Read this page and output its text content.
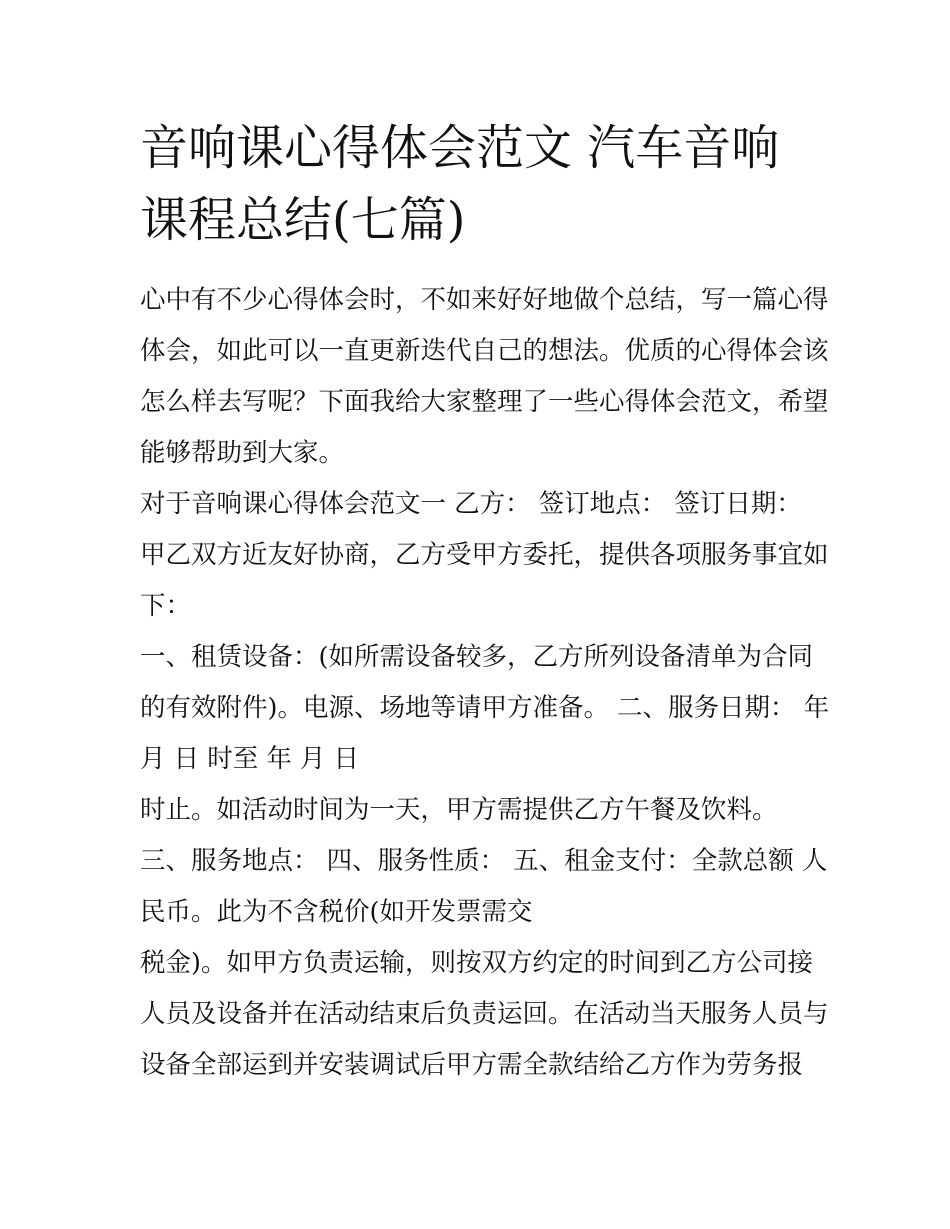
音响课心得体会范文 汽车音响
课程总结(七篇)

心中有不少心得体会时，不如来好好地做个总结，写一篇心得

体会，如此可以一直更新迭代自己的想法。优质的心得体会该

怎么样去写呢？下面我给大家整理了一些心得体会范文，希望

能够帮助到大家。

对于音响课心得体会范文一 乙方： 签订地点： 签订日期：

甲乙双方近友好协商，乙方受甲方委托，提供各项服务事宜如

下：

一、租赁设备：(如所需设备较多，乙方所列设备清单为合同

的有效附件)。电源、场地等请甲方准备。 二、服务日期： 年

月 日 时至 年 月 日

时止。如活动时间为一天，甲方需提供乙方午餐及饮料。

三、服务地点： 四、服务性质： 五、租金支付：全款总额 人

民币。此为不含税价(如开发票需交

税金)。如甲方负责运输，则按双方约定的时间到乙方公司接

人员及设备并在活动结束后负责运回。在活动当天服务人员与

设备全部运到并安装调试后甲方需全款结给乙方作为劳务报
